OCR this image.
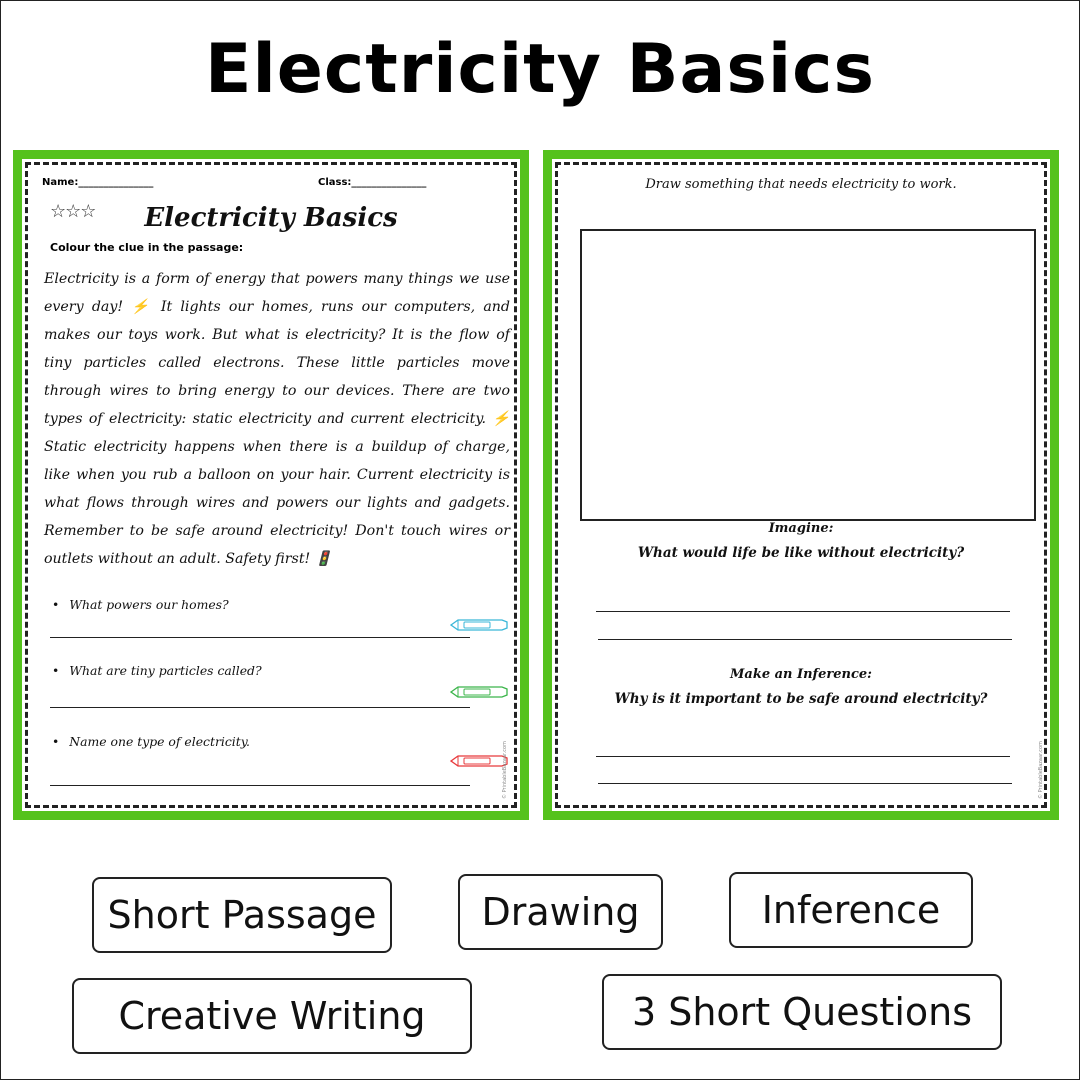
Electricity Basics
Name:_______________	Class:_______________
☆☆☆	Electricity Basics
Colour the clue in the passage:
Electricity is a form of energy that powers many things we use every day! ⚡ It lights our homes, runs our computers, and makes our toys work. But what is electricity? It is the flow of tiny particles called electrons. These little particles move through wires to bring energy to our devices. There are two types of electricity: static electricity and current electricity. ⚡ Static electricity happens when there is a buildup of charge, like when you rub a balloon on your hair. Current electricity is what flows through wires and powers our lights and gadgets. Remember to be safe around electricity! Don't touch wires or outlets without an adult. Safety first! 🚦
• What powers our homes?
• What are tiny particles called?
• Name one type of electricity.	© PrintableBazaar.com
Draw something that needs electricity to work.
Imagine:
What would life be like without electricity?
Make an Inference:
Why is it important to be safe around electricity?
© PrintableBazaar.com
Short Passage	Drawing	Inference
Creative Writing	3 Short Questions
